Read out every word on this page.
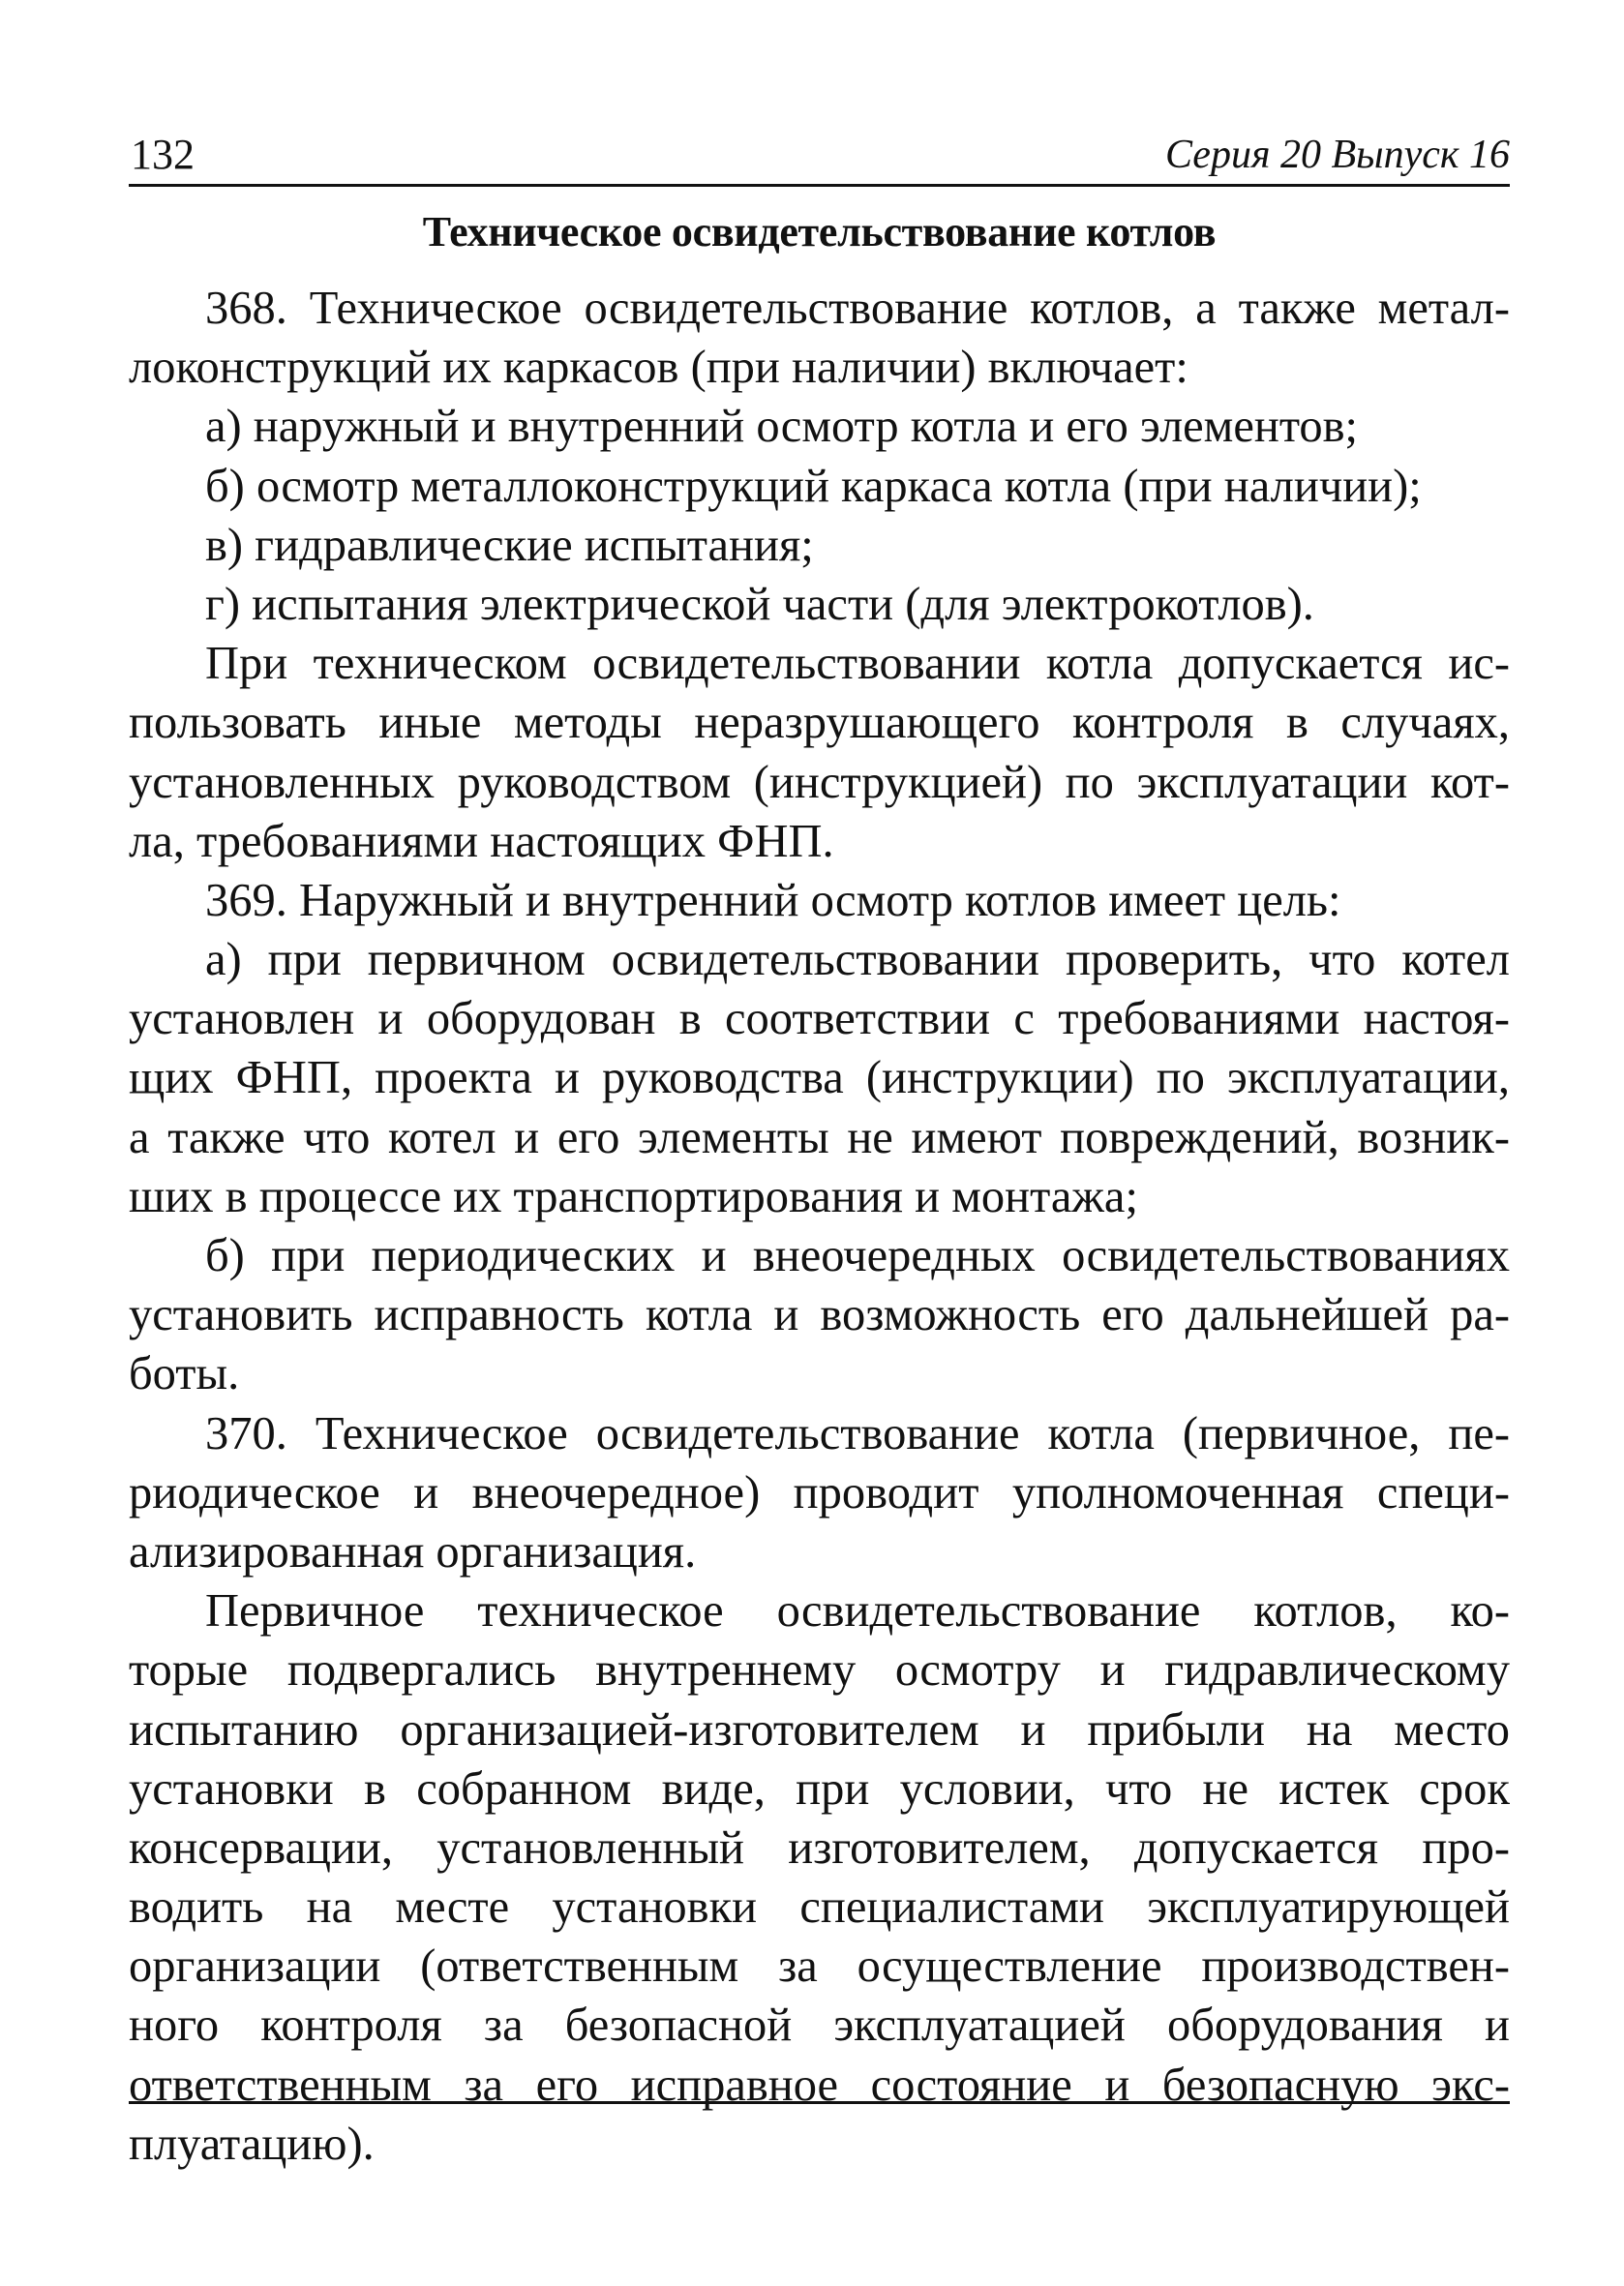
132	Серия 20 Выпуск 16
Техническое освидетельствование котлов
368. Техническое освидетельствование котлов, а также метал-
локонструкций их каркасов (при наличии) включает:
а) наружный и внутренний осмотр котла и его элементов;
б) осмотр металлоконструкций каркаса котла (при наличии);
в) гидравлические испытания;
г) испытания электрической части (для электрокотлов).
При техническом освидетельствовании котла допускается ис-
пользовать иные методы неразрушающего контроля в случаях,
установленных руководством (инструкцией) по эксплуатации кот-
ла, требованиями настоящих ФНП.
369. Наружный и внутренний осмотр котлов имеет цель:
а) при первичном освидетельствовании проверить, что котел
установлен и оборудован в соответствии с требованиями настоя-
щих ФНП, проекта и руководства (инструкции) по эксплуатации,
а также что котел и его элементы не имеют повреждений, возник-
ших в процессе их транспортирования и монтажа;
б) при периодических и внеочередных освидетельствованиях
установить исправность котла и возможность его дальнейшей ра-
боты.
370. Техническое освидетельствование котла (первичное, пе-
риодическое и внеочередное) проводит уполномоченная специ-
ализированная организация.
Первичное техническое освидетельствование котлов, ко-
торые подвергались внутреннему осмотру и гидравлическому
испытанию организацией-изготовителем и прибыли на место
установки в собранном виде, при условии, что не истек срок
консервации, установленный изготовителем, допускается про-
водить на месте установки специалистами эксплуатирующей
организации (ответственным за осуществление производствен-
ного контроля за безопасной эксплуатацией оборудования и
ответственным за его исправное состояние и безопасную экс-
плуатацию).
